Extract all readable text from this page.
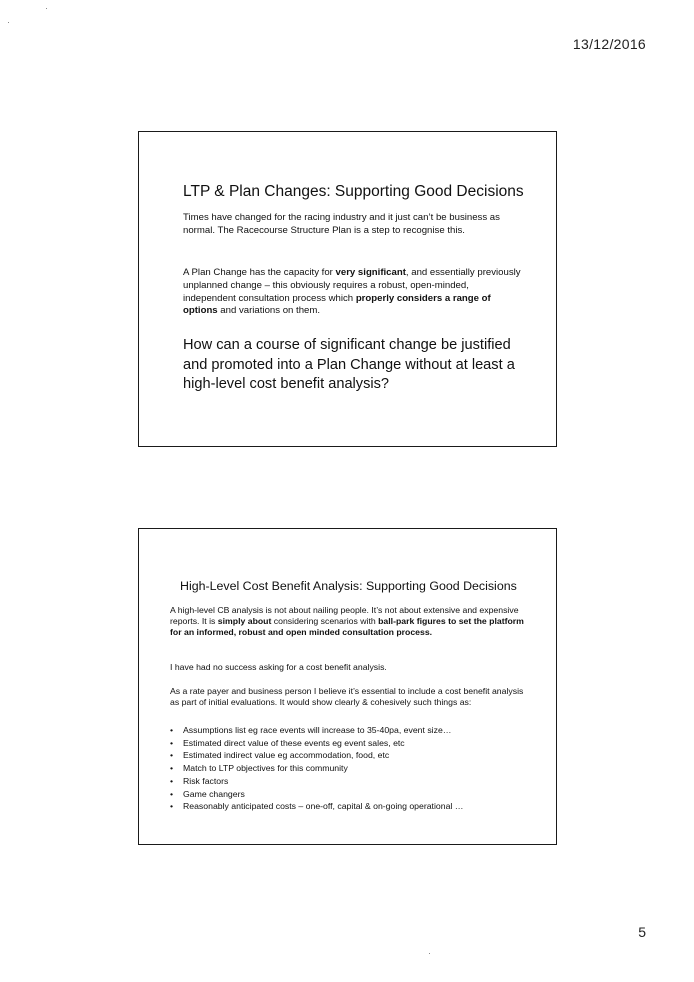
13/12/2016
LTP & Plan Changes: Supporting Good Decisions
Times have changed for the racing industry and it just can’t be business as normal. The Racecourse Structure Plan is a step to recognise this.
A Plan Change has the capacity for very significant, and essentially previously unplanned change – this obviously requires a robust, open-minded, independent consultation process which properly considers a range of options and variations on them.
How can a course of significant change be justified and promoted into a Plan Change without at least a high-level cost benefit analysis?
High-Level Cost Benefit Analysis: Supporting Good Decisions
A high-level CB analysis is not about nailing people. It’s not about extensive and expensive reports. It is simply about considering scenarios with ball-park figures to set the platform for an informed, robust and open minded consultation process.
I have had no success asking for a cost benefit analysis.
As a rate payer and business person I believe it’s essential to include a cost benefit analysis as part of initial evaluations. It would show clearly & cohesively such things as:
• Assumptions list eg race events will increase to 35-40pa, event size…
• Estimated direct value of these events eg event sales, etc
• Estimated indirect value eg accommodation, food, etc
• Match to LTP objectives for this community
• Risk factors
• Game changers
• Reasonably anticipated costs – one-off, capital & on-going operational …
5
